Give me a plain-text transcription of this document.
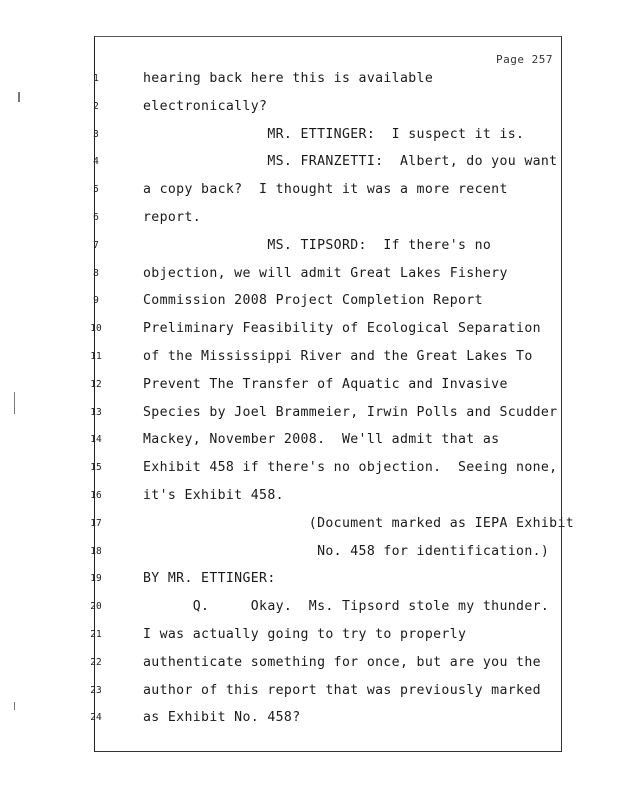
Page 257
1	hearing back here this is available
2	electronically?
3	MR. ETTINGER:  I suspect it is.
4	MS. FRANZETTI:  Albert, do you want
5	a copy back?  I thought it was a more recent
6	report.
7	MS. TIPSORD:  If there's no
8	objection, we will admit Great Lakes Fishery
9	Commission 2008 Project Completion Report
10	Preliminary Feasibility of Ecological Separation
11	of the Mississippi River and the Great Lakes To
12	Prevent The Transfer of Aquatic and Invasive
13	Species by Joel Brammeier, Irwin Polls and Scudder
14	Mackey, November 2008.  We'll admit that as
15	Exhibit 458 if there's no objection.  Seeing none,
16	it's Exhibit 458.
17	(Document marked as IEPA Exhibit
18	No. 458 for identification.)
19	BY MR. ETTINGER:
20	Q.     Okay.  Ms. Tipsord stole my thunder.
21	I was actually going to try to properly
22	authenticate something for once, but are you the
23	author of this report that was previously marked
24	as Exhibit No. 458?
